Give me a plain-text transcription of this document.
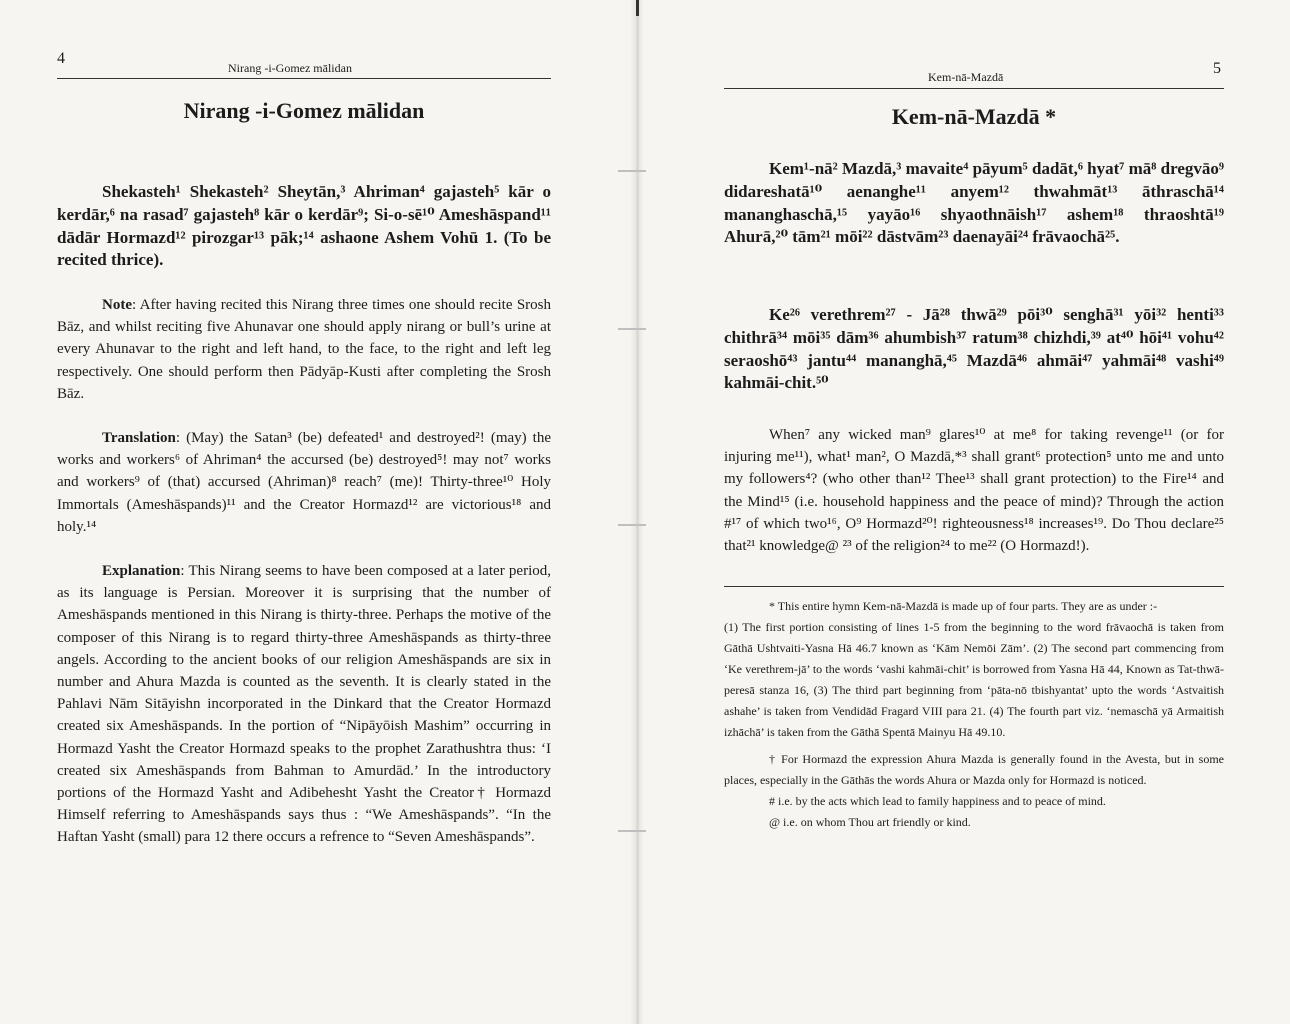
4
Nirang -i-Gomez mālidan
Nirang -i-Gomez mālidan
Shekasteh¹ Shekasteh² Sheytān,³ Ahriman⁴ gajasteh⁵ kār o kerdār,⁶ na rasad⁷ gajasteh⁸ kār o kerdār⁹; Si-o-sē¹⁰ Ameshāspand¹¹ dādār Hormazd¹² pirozgar¹³ pāk;¹⁴ ashaone Ashem Vohū 1. (To be recited thrice).
Note: After having recited this Nirang three times one should recite Srosh Bāz, and whilst reciting five Ahunavar one should apply nirang or bull’s urine at every Ahunavar to the right and left hand, to the face, to the right and left leg respectively. One should perform then Pādyāp-Kusti after completing the Srosh Bāz.
Translation: (May) the Satan³ (be) defeated¹ and destroyed²! (may) the works and workers⁶ of Ahriman⁴ the accursed (be) destroyed⁵! may not⁷ works and workers⁹ of (that) accursed (Ahriman)⁸ reach⁷ (me)! Thirty-three¹⁰ Holy Immortals (Ameshāspands)¹¹ and the Creator Hormazd¹² are victorious¹⁸ and holy.¹⁴
Explanation: This Nirang seems to have been composed at a later period, as its language is Persian. Moreover it is surprising that the number of Ameshāspands mentioned in this Nirang is thirty-three. Perhaps the motive of the composer of this Nirang is to regard thirty-three Ameshāspands as thirty-three angels. According to the ancient books of our religion Ameshāspands are six in number and Ahura Mazda is counted as the seventh. It is clearly stated in the Pahlavi Nām Sitāyishn incorporated in the Dinkard that the Creator Hormazd created six Ameshāspands. In the portion of “Nipāyōish Mashim” occurring in Hormazd Yasht the Creator Hormazd speaks to the prophet Zarathushtra thus: ‘I created six Ameshāspands from Bahman to Amurdād.’ In the introductory portions of the Hormazd Yasht and Adibehesht Yasht the Creator† Hormazd Himself referring to Ameshāspands says thus : “We Ameshāspands”. “In the Haftan Yasht (small) para 12 there occurs a refrence to “Seven Ameshāspands”.
Kem-nā-Mazdā	5
Kem-nā-Mazdā *
Kem¹-nā² Mazdā,³ mavaite⁴ pāyum⁵ dadāt,⁶ hyat⁷ mā⁸ dregvāo⁹ didareshatā¹⁰ aenanghe¹¹ anyem¹² thwahmāt¹³ āthraschā¹⁴ mananghaschā,¹⁵ yayāo¹⁶ shyaothnāish¹⁷ ashem¹⁸ thraoshtā¹⁹ Ahurā,²⁰ tām²¹ mōi²² dāstvām²³ daenayāi²⁴ frāvaochā²⁵.
Ke²⁶ verethrem²⁷ - Jā²⁸ thwā²⁹ pōi³⁰ senghā³¹ yōi³² henti³³ chithrā³⁴ mōi³⁵ dām³⁶ ahumbish³⁷ ratum³⁸ chizhdi,³⁹ at⁴⁰ hōi⁴¹ vohu⁴² seraoshō⁴³ jantu⁴⁴ mananghā,⁴⁵ Mazdā⁴⁶ ahmāi⁴⁷ yahmāi⁴⁸ vashi⁴⁹ kahmāi-chit.⁵⁰
When⁷ any wicked man⁹ glares¹⁰ at me⁸ for taking revenge¹¹ (or for injuring me¹¹), what¹ man², O Mazdā,*³ shall grant⁶ protection⁵ unto me and unto my followers⁴? (who other than¹² Thee¹³ shall grant protection) to the Fire¹⁴ and the Mind¹⁵ (i.e. household happiness and the peace of mind)? Through the action #¹⁷ of which two¹⁶, O⁹ Hormazd²⁰! righteousness¹⁸ increases¹⁹. Do Thou declare²⁵ that²¹ knowledge@ ²³ of the religion²⁴ to me²² (O Hormazd!).

* This entire hymn Kem-nā-Mazdā is made up of four parts. They are as under :-

(1) The first portion consisting of lines 1-5 from the beginning to the word frāvaochā is taken from Gāthā Ushtvaiti-Yasna Hā 46.7 known as ‘Kām Nemōi Zām’. (2) The second part commencing from ‘Ke verethrem-jā’ to the words ‘vashi kahmāi-chit’ is borrowed from Yasna Hā 44, Known as Tat-thwā-peresā stanza 16, (3) The third part beginning from ‘pāta-nō tbishyantat’ upto the words ‘Astvaitish ashahe’ is taken from Vendidād Fragard VIII para 21. (4) The fourth part viz. ‘nemaschā yā Armaitish izhāchā’ is taken from the Gāthā Spentā Mainyu Hā 49.10.

† For Hormazd the expression Ahura Mazda is generally found in the Avesta, but in some places, especially in the Gāthās the words Ahura or Mazda only for Hormazd is noticed.

# i.e. by the acts which lead to family happiness and to peace of mind.

@ i.e. on whom Thou art friendly or kind.
